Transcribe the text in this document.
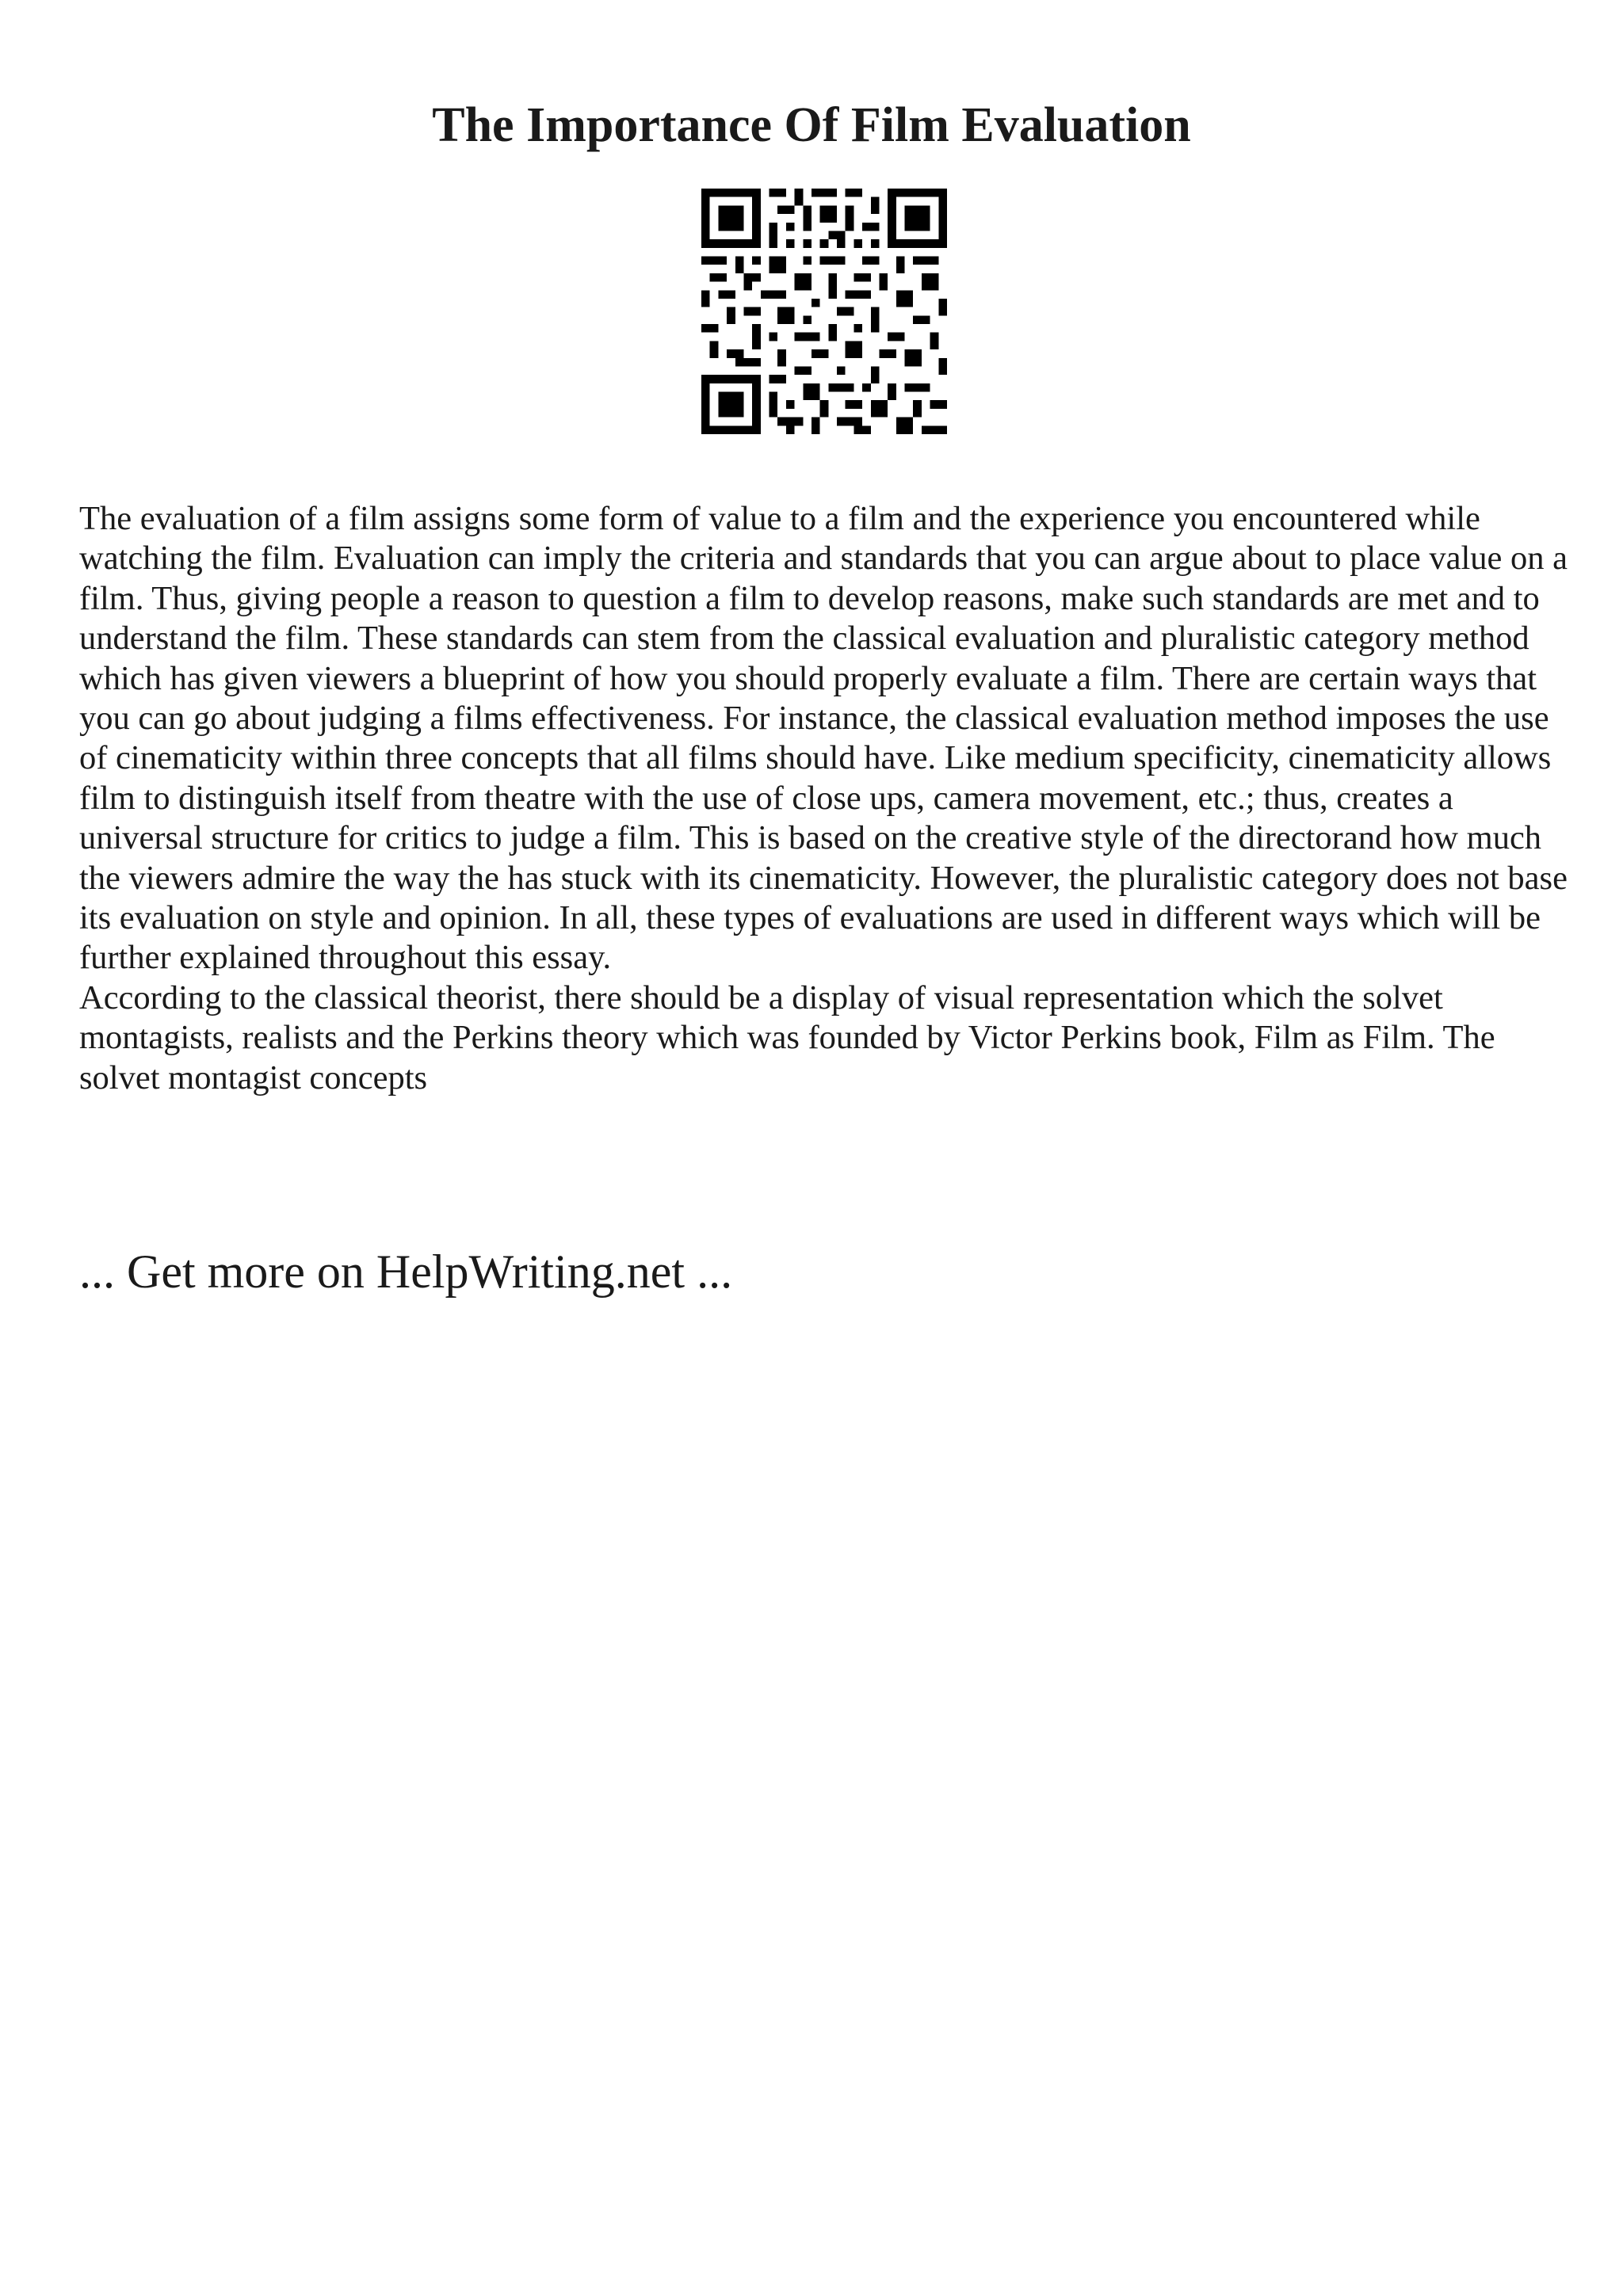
The Importance Of Film Evaluation

The evaluation of a film assigns some form of value to a film and the experience you encountered while watching the film. Evaluation can imply the criteria and standards that you can argue about to place value on a film. Thus, giving people a reason to question a film to develop reasons, make such standards are met and to understand the film. These standards can stem from the classical evaluation and pluralistic category method which has given viewers a blueprint of how you should properly evaluate a film. There are certain ways that you can go about judging a films effectiveness. For instance, the classical evaluation method imposes the use of cinematicity within three concepts that all films should have. Like medium specificity, cinematicity allows film to distinguish itself from theatre with the use of close ups, camera movement, etc.; thus, creates a universal structure for critics to judge a film. This is based on the creative style of the directorand how much the viewers admire the way the has stuck with its cinematicity. However, the pluralistic category does not base its evaluation on style and opinion. In all, these types of evaluations are used in different ways which will be further explained throughout this essay.

According to the classical theorist, there should be a display of visual representation which the solvet montagists, realists and the Perkins theory which was founded by Victor Perkins book, Film as Film. The solvet montagist concepts

... Get more on HelpWriting.net ...
